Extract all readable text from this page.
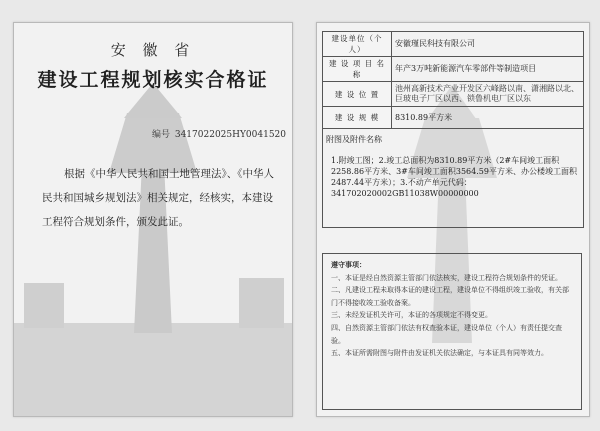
安 徽 省
建设工程规划核实合格证
编号 3417022025HY0041520
根据《中华人民共和国土地管理法》、《中华人民共和国城乡规划法》相关规定，经核实，本建设工程符合规划条件，颁发此证。
建设单位（个人）	安徽瑾民科技有限公司
建 设 项 目 名 称	年产3万吨新能源汽车零部件等制造项目
建 设 位 置	池州高新技术产业开发区六峰路以南、潇湘路以北、巨玻电子厂区以西、锁鲁机电厂区以东
建 设 规 模	8310.89平方米
附图及附件名称	
1.附竣工图；2.竣工总面积为8310.89平方米（2#车间竣工面积2258.86平方米、3#车间竣工面积3564.59平方米、办公楼竣工面积2487.44平方米）；3.不动产单元代码：341702020002GB11038W00000000	
遵守事项：

一、本证是经自然资源主管部门依法核实，建设工程符合规划条件的凭证。

二、凡建设工程未取得本证的建设工程，建设单位不得组织竣工验收，有关部门不得接收竣工验收备案。

三、未经发证机关许可，本证的各项规定不得变更。

四、自然资源主管部门依法有权查验本证，建设单位（个人）有责任提交查验。

五、本证所需附图与附件由发证机关依法确定，与本证具有同等效力。
